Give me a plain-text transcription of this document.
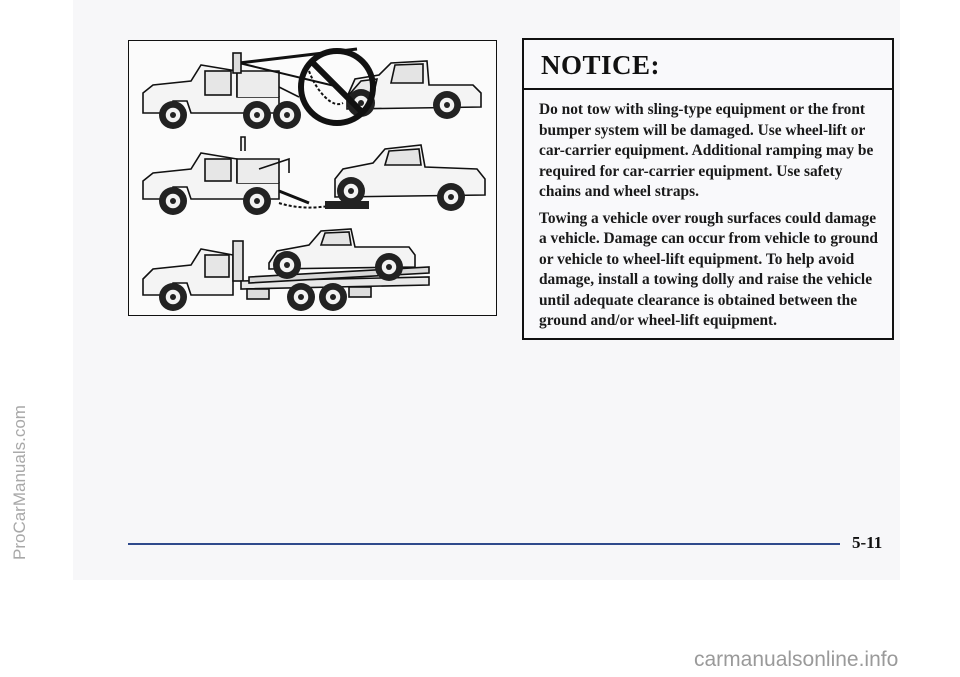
ProCarManuals.com
NOTICE:

Do not tow with sling-type equipment or the front bumper system will be damaged. Use wheel-lift or car-carrier equipment. Additional ramping may be required for car-carrier equipment. Use safety chains and wheel straps.

Towing a vehicle over rough surfaces could damage a vehicle. Damage can occur from vehicle to ground or vehicle to wheel-lift equipment. To help avoid damage, install a towing dolly and raise the vehicle until adequate clearance is obtained between the ground and/or wheel-lift equipment.

5-11
carmanualsonline.info
